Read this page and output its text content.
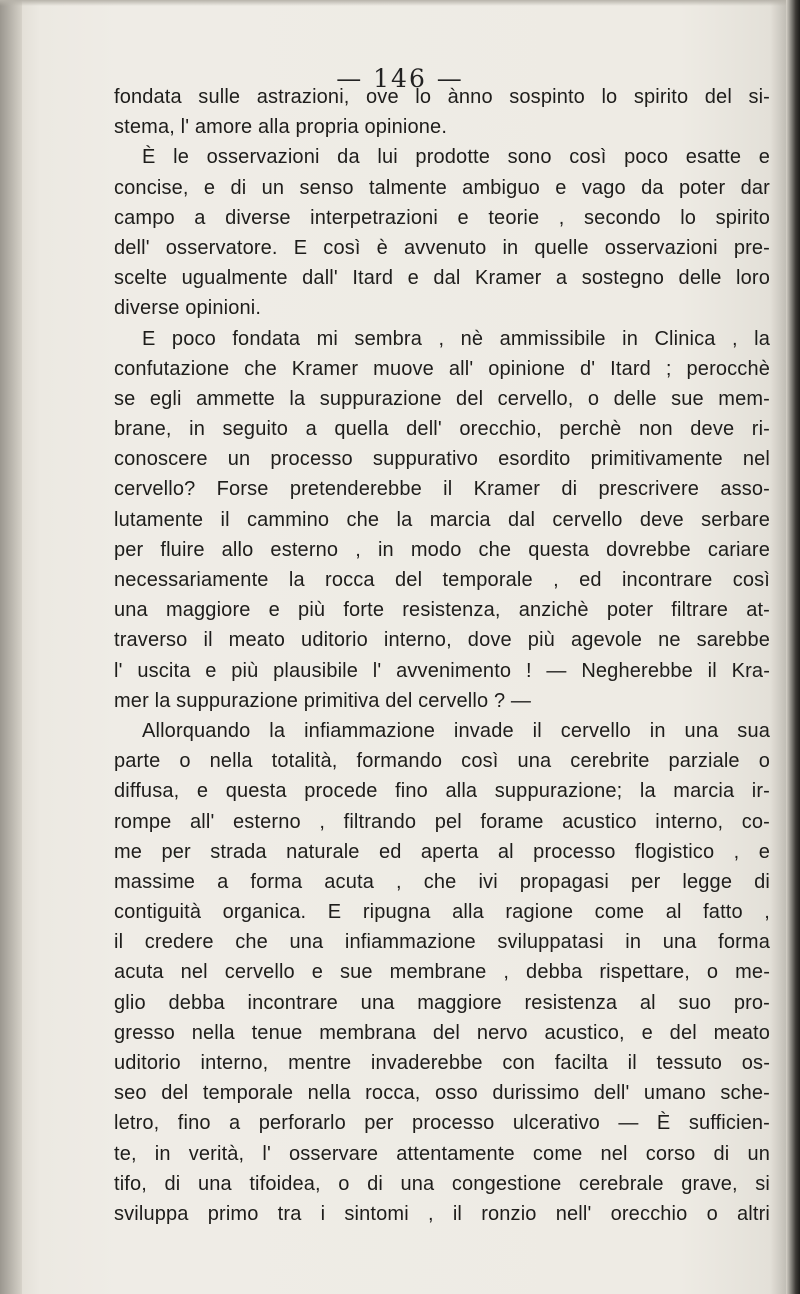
— 146 —
fondata sulle astrazioni, ove lo ànno sospinto lo spirito del si-
stema, l' amore alla propria opinione.
È le osservazioni da lui prodotte sono così poco esatte e
concise, e di un senso talmente ambiguo e vago da poter dar
campo a diverse interpetrazioni e teorie , secondo lo spirito
dell' osservatore. E così è avvenuto in quelle osservazioni pre-
scelte ugualmente dall' Itard e dal Kramer a sostegno delle loro
diverse opinioni.
E poco fondata mi sembra , nè ammissibile in Clinica , la
confutazione che Kramer muove all' opinione d' Itard ; perocchè
se egli ammette la suppurazione del cervello, o delle sue mem-
brane, in seguito a quella dell' orecchio, perchè non deve ri-
conoscere un processo suppurativo esordito primitivamente nel
cervello? Forse pretenderebbe il Kramer di prescrivere asso-
lutamente il cammino che la marcia dal cervello deve serbare
per fluire allo esterno , in modo che questa dovrebbe cariare
necessariamente la rocca del temporale , ed incontrare così
una maggiore e più forte resistenza, anzichè poter filtrare at-
traverso il meato uditorio interno, dove più agevole ne sarebbe
l' uscita e più plausibile l' avvenimento ! — Negherebbe il Kra-
mer la suppurazione primitiva del cervello ? —
Allorquando la infiammazione invade il cervello in una sua
parte o nella totalità, formando così una cerebrite parziale o
diffusa, e questa procede fino alla suppurazione; la marcia ir-
rompe all' esterno , filtrando pel forame acustico interno, co-
me per strada naturale ed aperta al processo flogistico , e
massime a forma acuta , che ivi propagasi per legge di
contiguità organica. E ripugna alla ragione come al fatto ,
il credere che una infiammazione sviluppatasi in una forma
acuta nel cervello e sue membrane , debba rispettare, o me-
glio debba incontrare una maggiore resistenza al suo pro-
gresso nella tenue membrana del nervo acustico, e del meato
uditorio interno, mentre invaderebbe con facilta il tessuto os-
seo del temporale nella rocca, osso durissimo dell' umano sche-
letro, fino a perforarlo per processo ulcerativo — È sufficien-
te, in verità, l' osservare attentamente come nel corso di un
tifo, di una tifoidea, o di una congestione cerebrale grave, si
sviluppa primo tra i sintomi , il ronzio nell' orecchio o altri
